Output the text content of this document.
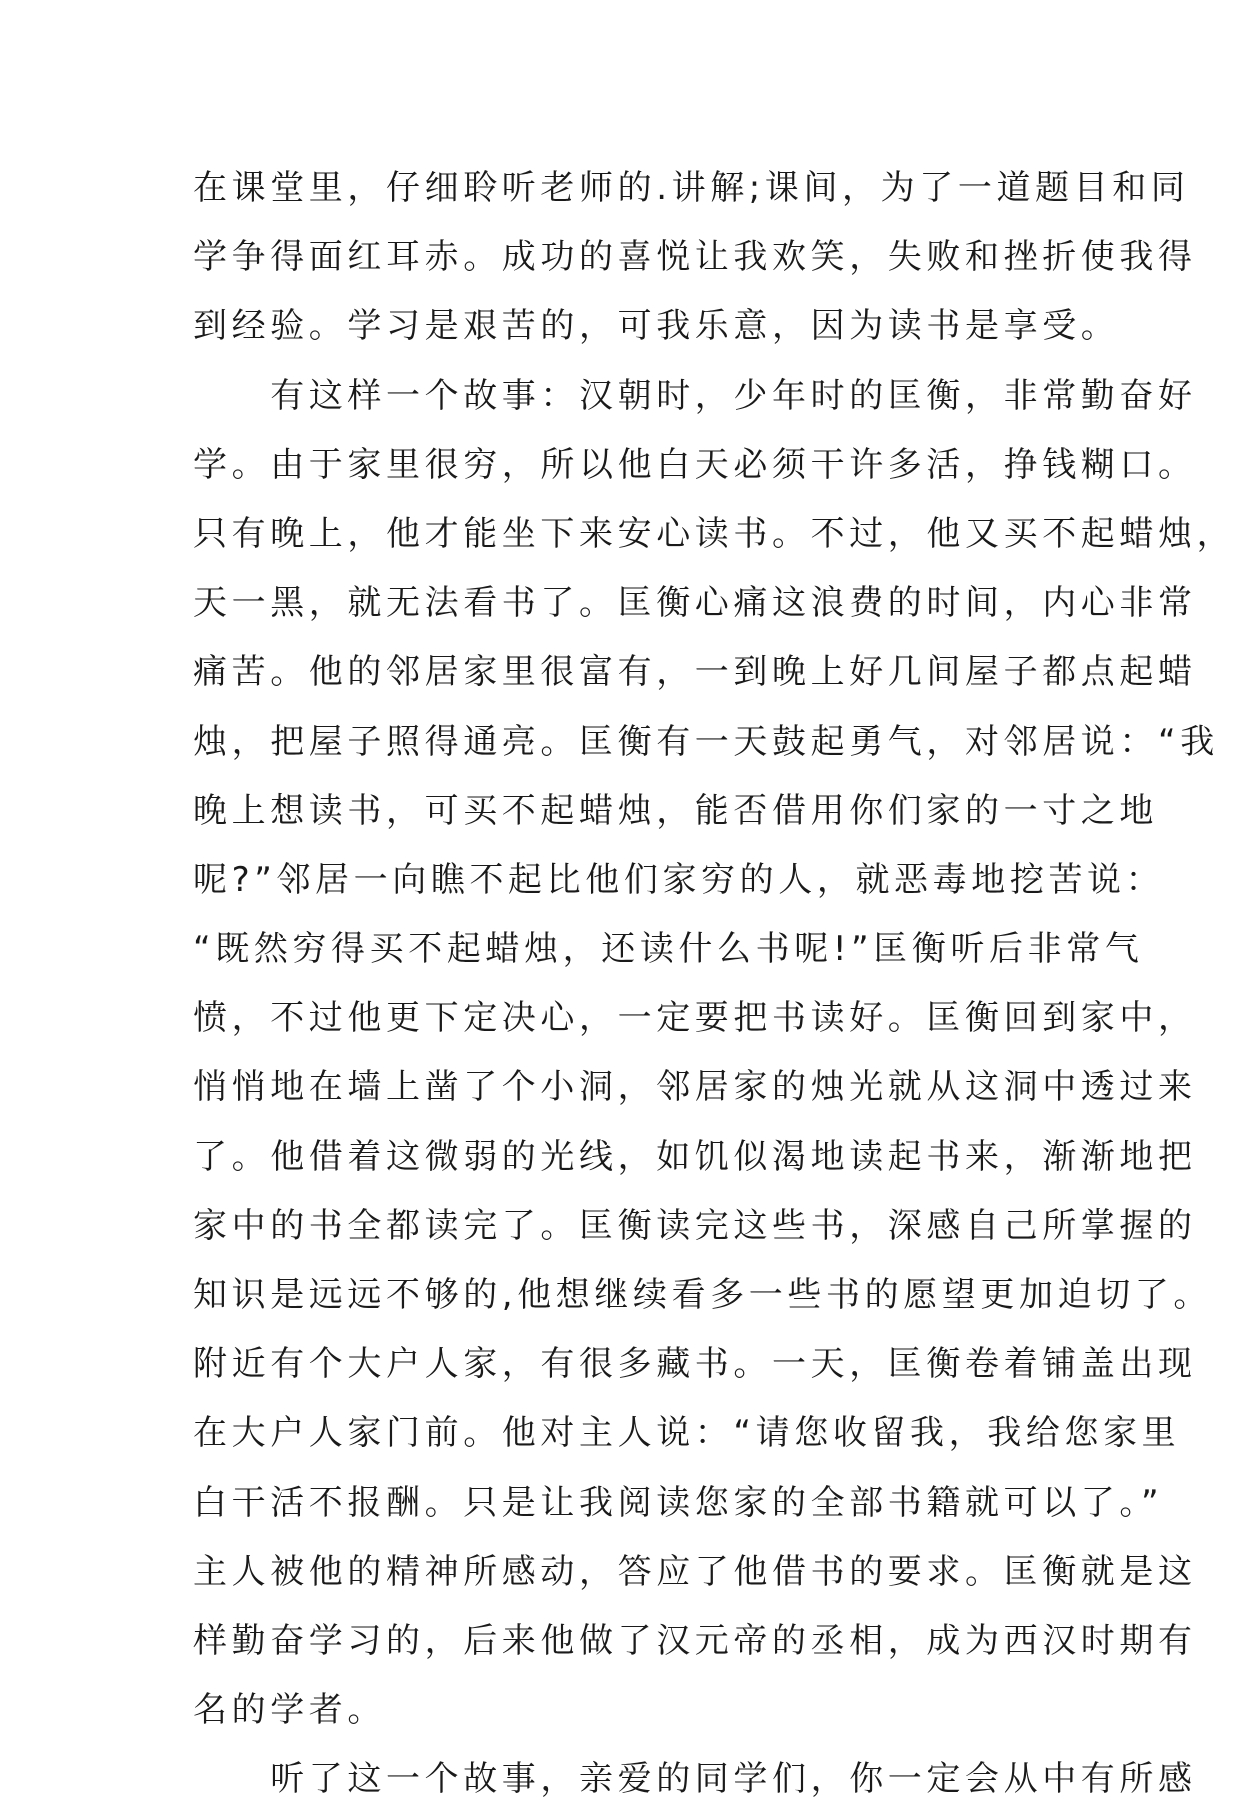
在课堂里，仔细聆听老师的.讲解;课间，为了一道题目和同
学争得面红耳赤。成功的喜悦让我欢笑，失败和挫折使我得
到经验。学习是艰苦的，可我乐意，因为读书是享受。
　　有这样一个故事：汉朝时，少年时的匡衡，非常勤奋好
学。由于家里很穷，所以他白天必须干许多活，挣钱糊口。
只有晚上，他才能坐下来安心读书。不过，他又买不起蜡烛，
天一黑，就无法看书了。匡衡心痛这浪费的时间，内心非常
痛苦。他的邻居家里很富有，一到晚上好几间屋子都点起蜡
烛，把屋子照得通亮。匡衡有一天鼓起勇气，对邻居说：“我
晚上想读书，可买不起蜡烛，能否借用你们家的一寸之地
呢?”邻居一向瞧不起比他们家穷的人，就恶毒地挖苦说：
“既然穷得买不起蜡烛，还读什么书呢!”匡衡听后非常气
愤，不过他更下定决心，一定要把书读好。匡衡回到家中，
悄悄地在墙上凿了个小洞，邻居家的烛光就从这洞中透过来
了。他借着这微弱的光线，如饥似渴地读起书来，渐渐地把
家中的书全都读完了。匡衡读完这些书，深感自己所掌握的
知识是远远不够的,他想继续看多一些书的愿望更加迫切了。
附近有个大户人家，有很多藏书。一天，匡衡卷着铺盖出现
在大户人家门前。他对主人说：“请您收留我，我给您家里
白干活不报酬。只是让我阅读您家的全部书籍就可以了。”
主人被他的精神所感动，答应了他借书的要求。匡衡就是这
样勤奋学习的，后来他做了汉元帝的丞相，成为西汉时期有
名的学者。
　　听了这一个故事，亲爱的同学们，你一定会从中有所感
